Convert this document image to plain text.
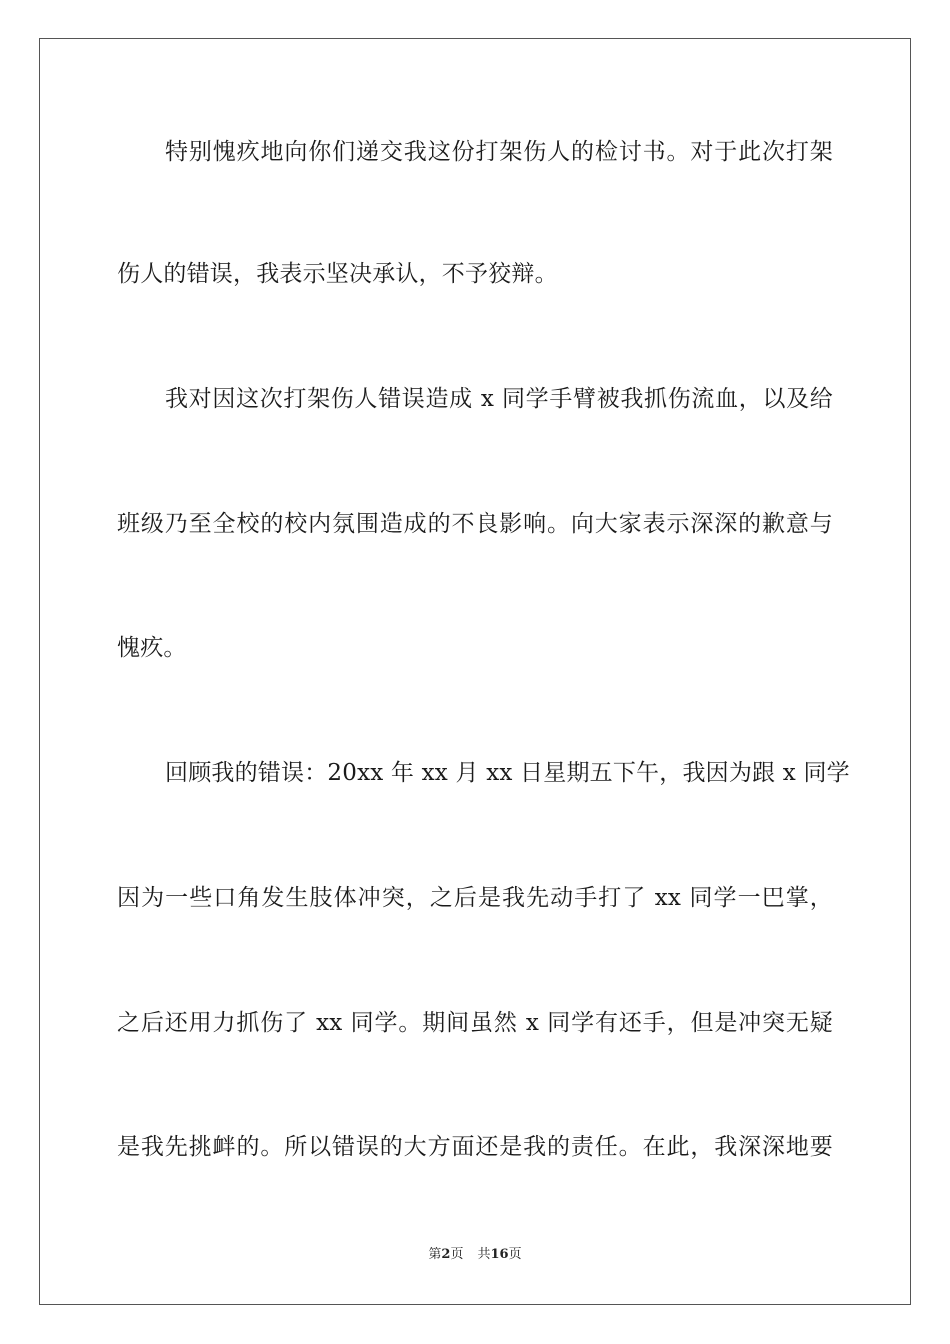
特别愧疚地向你们递交我这份打架伤人的检讨书。对于此次打架
伤人的错误，我表示坚决承认，不予狡辩。
我对因这次打架伤人错误造成 x 同学手臂被我抓伤流血，以及给
班级乃至全校的校内氛围造成的不良影响。向大家表示深深的歉意与
愧疚。
回顾我的错误：20xx 年 xx 月 xx 日星期五下午，我因为跟 x 同学
因为一些口角发生肢体冲突，之后是我先动手打了 xx 同学一巴掌，
之后还用力抓伤了 xx 同学。期间虽然 x 同学有还手，但是冲突无疑
是我先挑衅的。所以错误的大方面还是我的责任。在此，我深深地要
第2页 共16页
